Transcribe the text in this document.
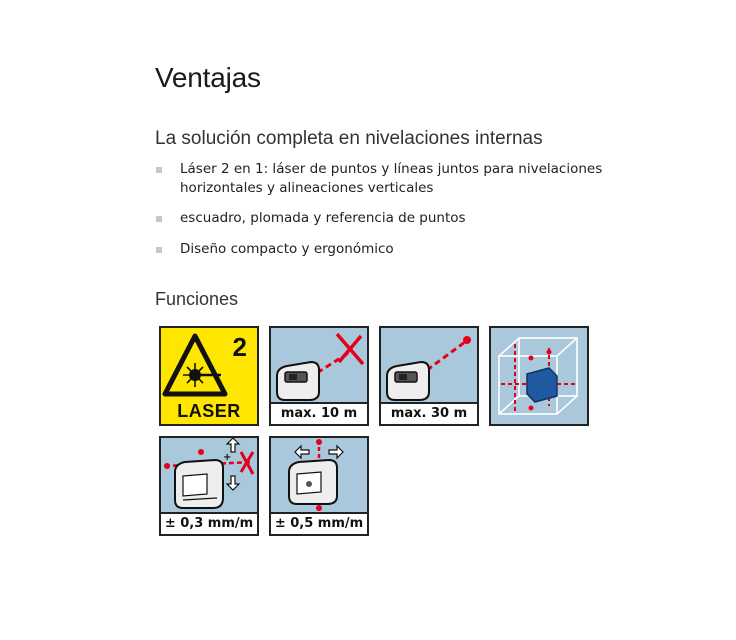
Ventajas
La solución completa en nivelaciones internas
Láser 2 en 1: láser de puntos y líneas juntos para nivelaciones horizontales y alineaciones verticales
escuadro, plomada y referencia de puntos
Diseño compacto y ergonómico
Funciones
2
LASER	max. 10 m	max. 30 m
+
± 0,3 mm/m ± 0,5 mm/m
